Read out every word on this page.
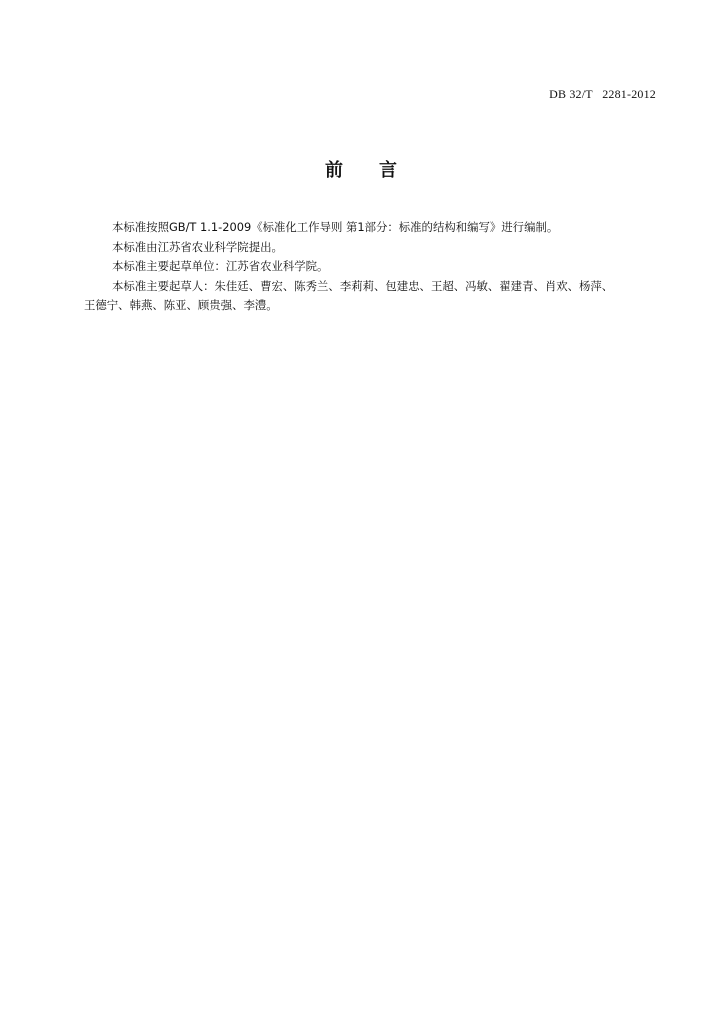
DB 32/T   2281-2012
前 言

本标准按照GB/T 1.1-2009《标准化工作导则 第1部分：标准的结构和编写》进行编制。

本标准由江苏省农业科学院提出。

本标准主要起草单位：江苏省农业科学院。

本标准主要起草人：朱佳廷、曹宏、陈秀兰、李莉莉、包建忠、王超、冯敏、翟建青、肖欢、杨萍、
王德宁、韩燕、陈亚、顾贵强、李澧。
